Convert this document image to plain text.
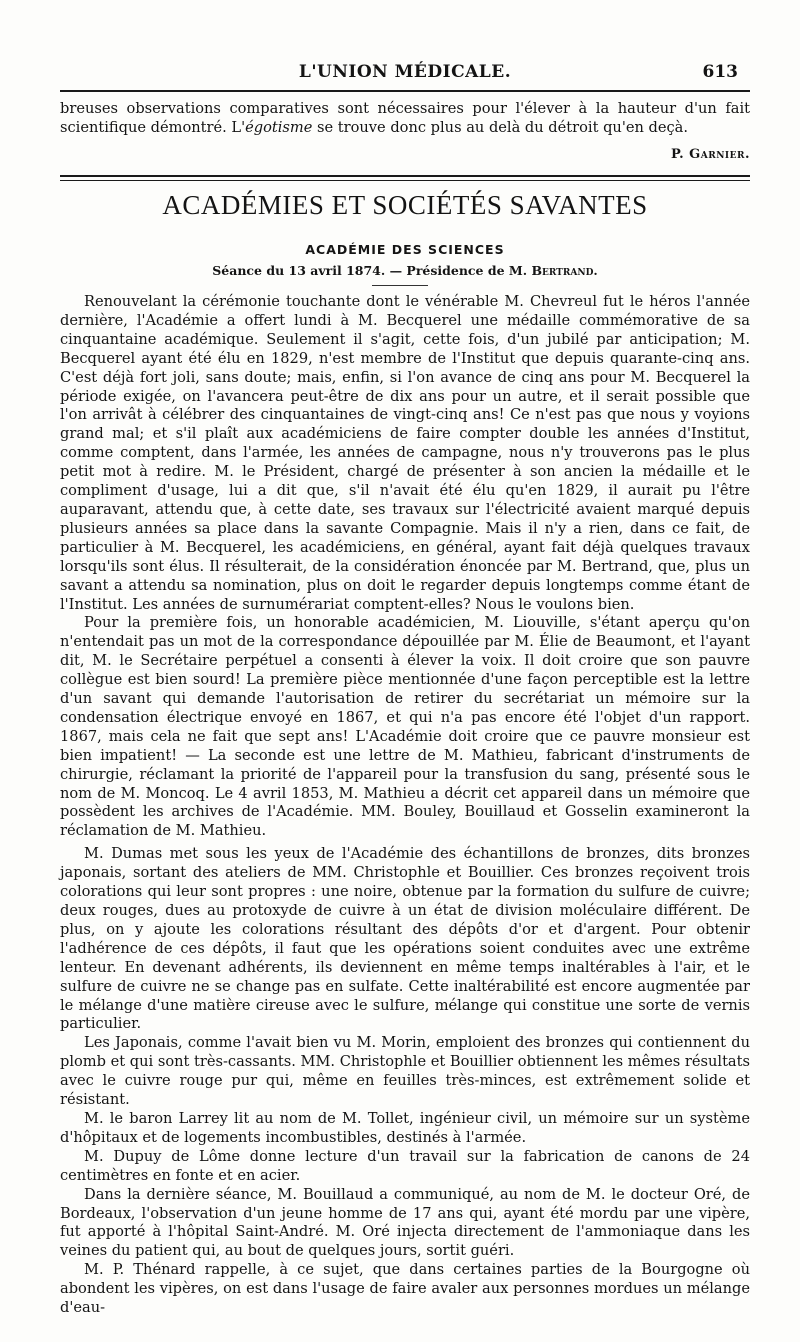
L'UNION MÉDICALE.	613

breuses observations comparatives sont nécessaires pour l'élever à la hauteur d'un fait scientifique démontré. L'égotisme se trouve donc plus au delà du détroit qu'en deçà.

P. Garnier.
ACADÉMIES ET SOCIÉTÉS SAVANTES
ACADÉMIE DES SCIENCES
Séance du 13 avril 1874. — Présidence de M. Bertrand.

Renouvelant la cérémonie touchante dont le vénérable M. Chevreul fut le héros l'année dernière, l'Académie a offert lundi à M. Becquerel une médaille commémorative de sa cinquantaine académique. Seulement il s'agit, cette fois, d'un jubilé par anticipation; M. Becquerel ayant été élu en 1829, n'est membre de l'Institut que depuis quarante-cinq ans. C'est déjà fort joli, sans doute; mais, enfin, si l'on avance de cinq ans pour M. Becquerel la période exigée, on l'avancera peut-être de dix ans pour un autre, et il serait possible que l'on arrivât à célébrer des cinquantaines de vingt-cinq ans! Ce n'est pas que nous y voyions grand mal; et s'il plaît aux académiciens de faire compter double les années d'Institut, comme comptent, dans l'armée, les années de campagne, nous n'y trouverons pas le plus petit mot à redire. M. le Président, chargé de présenter à son ancien la médaille et le compliment d'usage, lui a dit que, s'il n'avait été élu qu'en 1829, il aurait pu l'être auparavant, attendu que, à cette date, ses travaux sur l'électricité avaient marqué depuis plusieurs années sa place dans la savante Compagnie. Mais il n'y a rien, dans ce fait, de particulier à M. Becquerel, les académiciens, en général, ayant fait déjà quelques travaux lorsqu'ils sont élus. Il résulterait, de la considération énoncée par M. Bertrand, que, plus un savant a attendu sa nomination, plus on doit le regarder depuis longtemps comme étant de l'Institut. Les années de surnumérariat comptent-elles? Nous le voulons bien.

Pour la première fois, un honorable académicien, M. Liouville, s'étant aperçu qu'on n'entendait pas un mot de la correspondance dépouillée par M. Élie de Beaumont, et l'ayant dit, M. le Secrétaire perpétuel a consenti à élever la voix. Il doit croire que son pauvre collègue est bien sourd! La première pièce mentionnée d'une façon perceptible est la lettre d'un savant qui demande l'autorisation de retirer du secrétariat un mémoire sur la condensation électrique envoyé en 1867, et qui n'a pas encore été l'objet d'un rapport. 1867, mais cela ne fait que sept ans! L'Académie doit croire que ce pauvre monsieur est bien impatient! — La seconde est une lettre de M. Mathieu, fabricant d'instruments de chirurgie, réclamant la priorité de l'appareil pour la transfusion du sang, présenté sous le nom de M. Moncoq. Le 4 avril 1853, M. Mathieu a décrit cet appareil dans un mémoire que possèdent les archives de l'Académie. MM. Bouley, Bouillaud et Gosselin examineront la réclamation de M. Mathieu.

M. Dumas met sous les yeux de l'Académie des échantillons de bronzes, dits bronzes japonais, sortant des ateliers de MM. Christophle et Bouillier. Ces bronzes reçoivent trois colorations qui leur sont propres : une noire, obtenue par la formation du sulfure de cuivre; deux rouges, dues au protoxyde de cuivre à un état de division moléculaire différent. De plus, on y ajoute les colorations résultant des dépôts d'or et d'argent. Pour obtenir l'adhérence de ces dépôts, il faut que les opérations soient conduites avec une extrême lenteur. En devenant adhérents, ils deviennent en même temps inaltérables à l'air, et le sulfure de cuivre ne se change pas en sulfate. Cette inaltérabilité est encore augmentée par le mélange d'une matière cireuse avec le sulfure, mélange qui constitue une sorte de vernis particulier.

Les Japonais, comme l'avait bien vu M. Morin, emploient des bronzes qui contiennent du plomb et qui sont très-cassants. MM. Christophle et Bouillier obtiennent les mêmes résultats avec le cuivre rouge pur qui, même en feuilles très-minces, est extrêmement solide et résistant.

M. le baron Larrey lit au nom de M. Tollet, ingénieur civil, un mémoire sur un système d'hôpitaux et de logements incombustibles, destinés à l'armée.

M. Dupuy de Lôme donne lecture d'un travail sur la fabrication de canons de 24 centimètres en fonte et en acier.

Dans la dernière séance, M. Bouillaud a communiqué, au nom de M. le docteur Oré, de Bordeaux, l'observation d'un jeune homme de 17 ans qui, ayant été mordu par une vipère, fut apporté à l'hôpital Saint-André. M. Oré injecta directement de l'ammoniaque dans les veines du patient qui, au bout de quelques jours, sortit guéri.

M. P. Thénard rappelle, à ce sujet, que dans certaines parties de la Bourgogne où abondent les vipères, on est dans l'usage de faire avaler aux personnes mordues un mélange d'eau-
